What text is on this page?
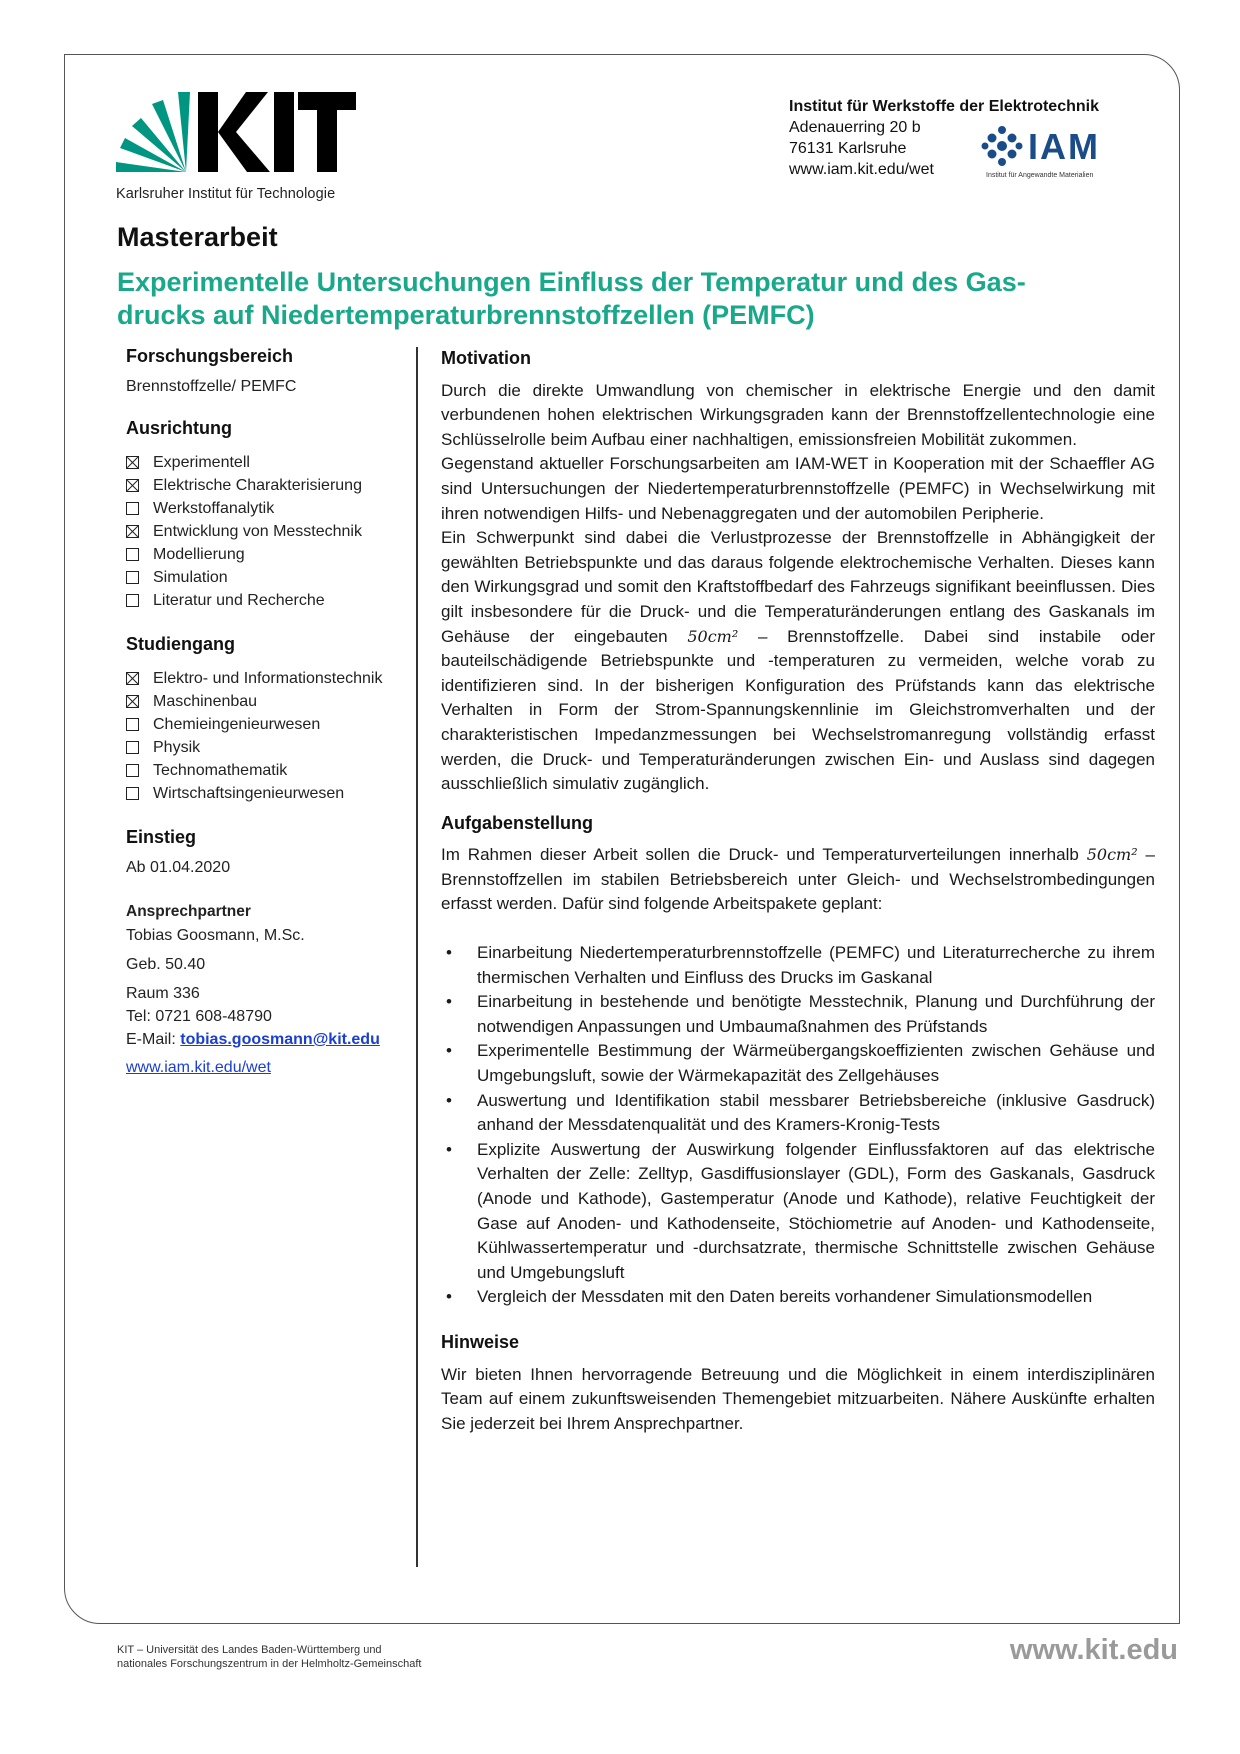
Karlsruher Institut für Technologie
Institut für Werkstoffe der Elektrotechnik
Adenauerring 20 b
76131 Karlsruhe
www.iam.kit.edu/wet
IAM
Institut für Angewandte Materialien
Masterarbeit
Experimentelle Untersuchungen Einfluss der Temperatur und des Gas-
drucks auf Niedertemperaturbrennstoffzellen (PEMFC)
Forschungsbereich
Brennstoffzelle/ PEMFC
Ausrichtung
Experimentell
Elektrische Charakterisierung
Werkstoffanalytik
Entwicklung von Messtechnik
Modellierung
Simulation
Literatur und Recherche
Studiengang
Elektro- und Informationstechnik
Maschinenbau
Chemieingenieurwesen
Physik
Technomathematik
Wirtschaftsingenieurwesen
Einstieg
Ab 01.04.2020
Ansprechpartner
Tobias Goosmann, M.Sc.
Geb. 50.40
Raum 336
Tel: 0721 608-48790
E-Mail: tobias.goosmann@kit.edu
www.iam.kit.edu/wet
Motivation

Durch die direkte Umwandlung von chemischer in elektrische Energie und den damit verbundenen hohen elektrischen Wirkungsgraden kann der Brennstoffzellentechnologie eine Schlüsselrolle beim Aufbau einer nachhaltigen, emissionsfreien Mobilität zukommen.

Gegenstand aktueller Forschungsarbeiten am IAM-WET in Kooperation mit der Schaeffler AG sind Untersuchungen der Niedertemperaturbrennstoffzelle (PEMFC) in Wechselwirkung mit ihren notwendigen Hilfs- und Nebenaggregaten und der automobilen Peripherie.

Ein Schwerpunkt sind dabei die Verlustprozesse der Brennstoffzelle in Abhängigkeit der gewählten Betriebspunkte und das daraus folgende elektrochemische Verhalten. Dieses kann den Wirkungsgrad und somit den Kraftstoffbedarf des Fahrzeugs signifikant beeinflussen. Dies gilt insbesondere für die Druck- und die Temperaturänderungen entlang des Gaskanals im Gehäuse der eingebauten 50cm² – Brennstoffzelle. Dabei sind instabile oder bauteilschädigende Betriebspunkte und -temperaturen zu vermeiden, welche vorab zu identifizieren sind. In der bisherigen Konfiguration des Prüfstands kann das elektrische Verhalten in Form der Strom-Spannungskennlinie im Gleichstromverhalten und der charakteristischen Impedanzmessungen bei Wechselstromanregung vollständig erfasst werden, die Druck- und Temperaturänderungen zwischen Ein- und Auslass sind dagegen ausschließlich simulativ zugänglich.

Aufgabenstellung

Im Rahmen dieser Arbeit sollen die Druck- und Temperaturverteilungen innerhalb 50cm² –Brennstoffzellen im stabilen Betriebsbereich unter Gleich- und Wechselstrombedingungen erfasst werden. Dafür sind folgende Arbeitspakete geplant:

• Einarbeitung Niedertemperaturbrennstoffzelle (PEMFC) und Literaturrecherche zu ihrem thermischen Verhalten und Einfluss des Drucks im Gaskanal
• Einarbeitung in bestehende und benötigte Messtechnik, Planung und Durchführung der notwendigen Anpassungen und Umbaumaßnahmen des Prüfstands
• Experimentelle Bestimmung der Wärmeübergangskoeffizienten zwischen Gehäuse und Umgebungsluft, sowie der Wärmekapazität des Zellgehäuses
• Auswertung und Identifikation stabil messbarer Betriebsbereiche (inklusive Gasdruck) anhand der Messdatenqualität und des Kramers-Kronig-Tests
• Explizite Auswertung der Auswirkung folgender Einflussfaktoren auf das elektrische Verhalten der Zelle: Zelltyp, Gasdiffusionslayer (GDL), Form des Gaskanals, Gasdruck (Anode und Kathode), Gastemperatur (Anode und Kathode), relative Feuchtigkeit der Gase auf Anoden- und Kathodenseite, Stöchiometrie auf Anoden- und Kathodenseite, Kühlwassertemperatur und -durchsatzrate, thermische Schnittstelle zwischen Gehäuse und Umgebungsluft
• Vergleich der Messdaten mit den Daten bereits vorhandener Simulationsmodellen
Hinweise

Wir bieten Ihnen hervorragende Betreuung und die Möglichkeit in einem interdisziplinären Team auf einem zukunftsweisenden Themengebiet mitzuarbeiten. Nähere Auskünfte erhalten Sie jederzeit bei Ihrem Ansprechpartner.

KIT – Universität des Landes Baden-Württemberg und
nationales Forschungszentrum in der Helmholtz-Gemeinschaft	www.kit.edu
